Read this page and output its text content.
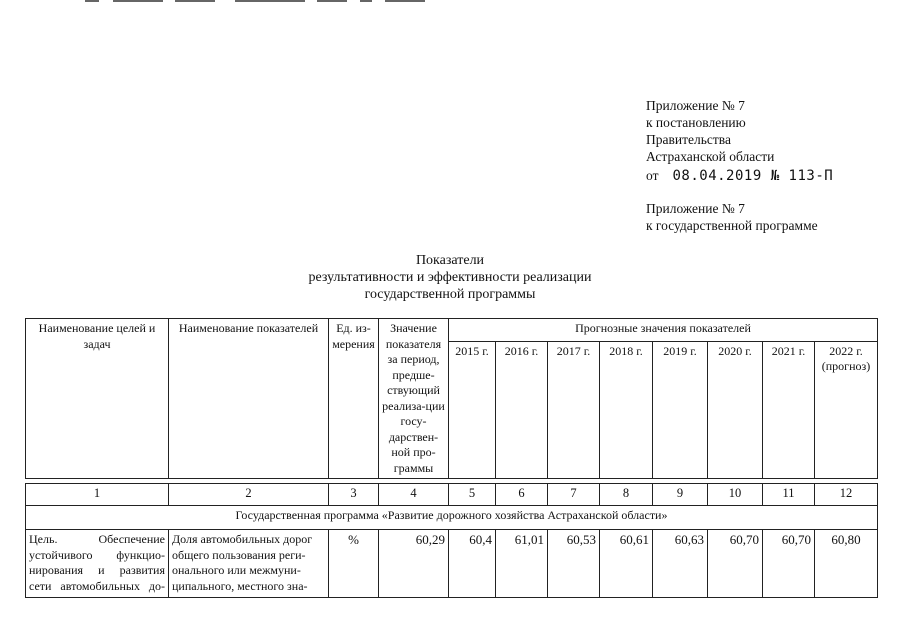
Приложение № 7
к постановлению
Правительства
Астраханской области
от 08.04.2019 № 113-П
Приложение № 7
к государственной программе
Показатели
результативности и эффективности реализации
государственной программы
Наименование целей и задач	Наименование показателей	Ед. из-мерения	Значение показателя за период, предше-ствующий реализа-ции госу-дарствен-ной про-граммы	Прогнозные значения показателей							
				2015 г.	2016 г.	2017 г.	2018 г.	2019 г.	2020 г.	2021 г.	2022 г. (прогноз)
1	2	3	4	5	6	7	8	9	10	11	12
Государственная программа «Развитие дорожного хозяйства Астраханской области»											
Цель. Обеспечение устойчивого функцио-нирования и развития сети автомобильных до-	Доля автомобильных дорог общего пользования реги-онального или межмуни-ципального, местного зна-	%	60,29	60,4	61,01	60,53	60,61	60,63	60,70	60,70	60,80
